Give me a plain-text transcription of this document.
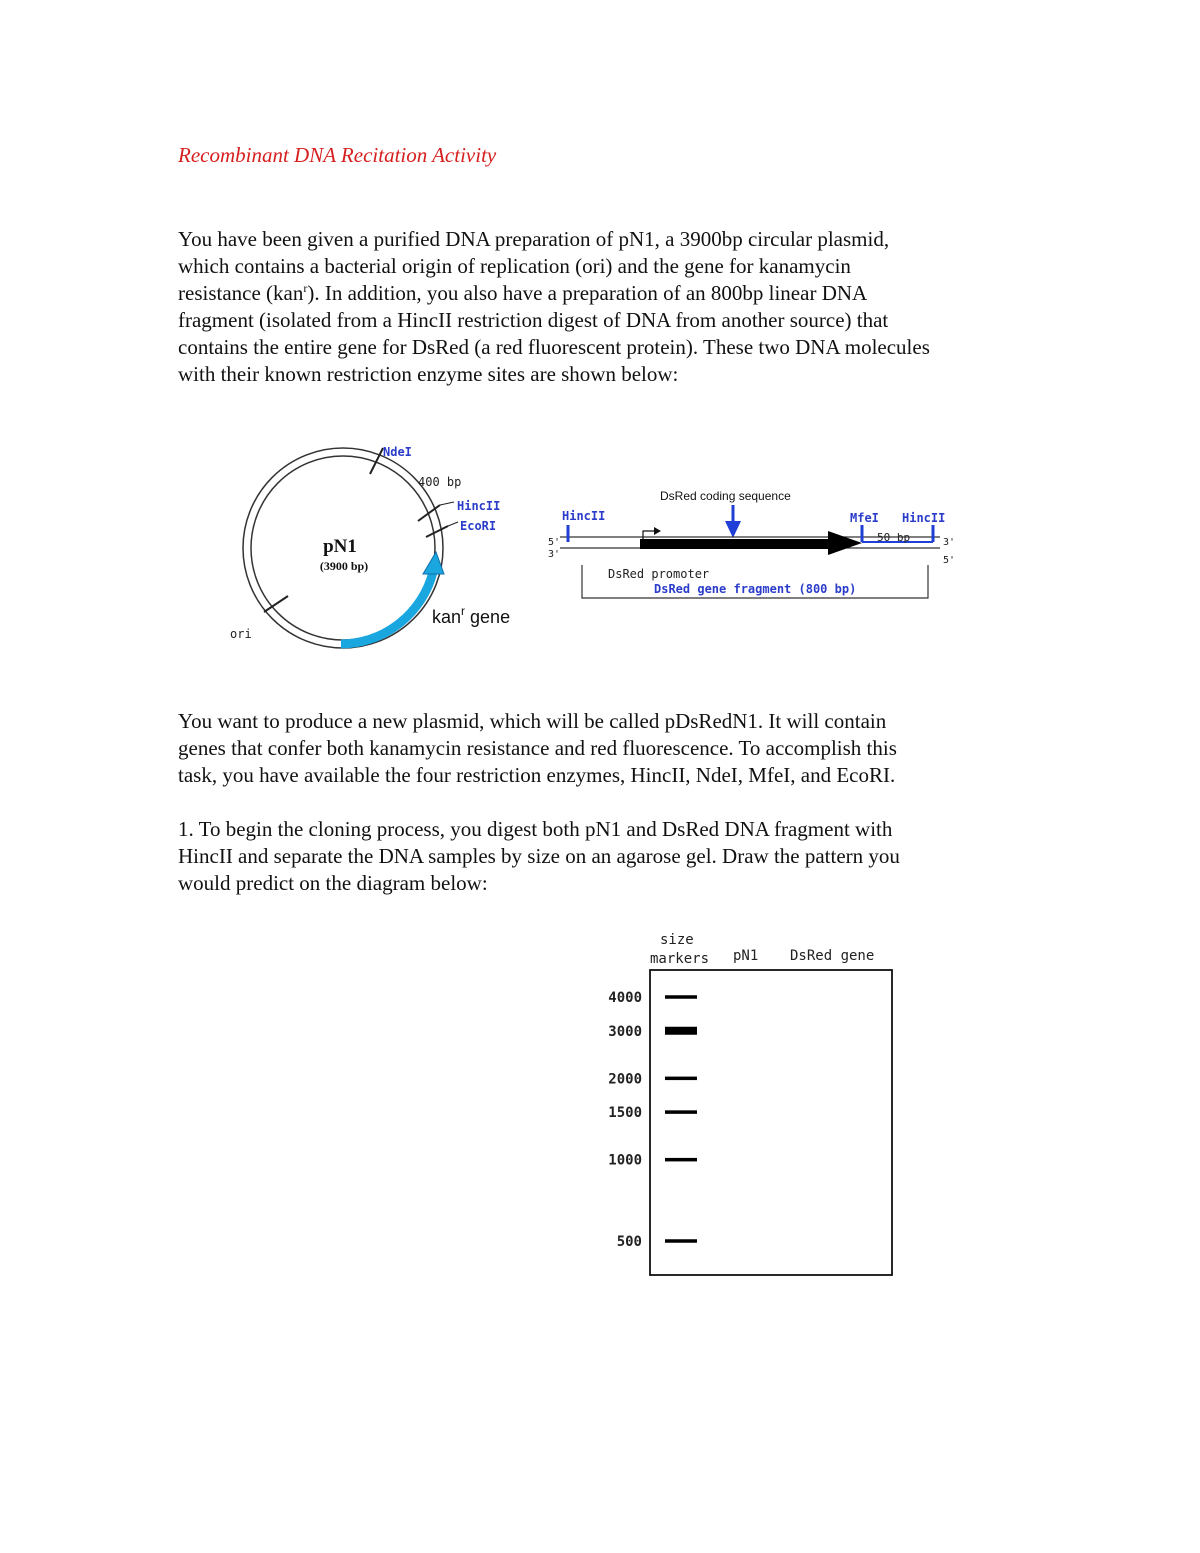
Recombinant DNA Recitation Activity
You have been given a purified DNA preparation of pN1, a 3900bp circular plasmid,
which contains a bacterial origin of replication (ori) and the gene for kanamycin
resistance (kan$^r$). In addition, you also have a preparation of an 800bp linear DNA
fragment (isolated from a HincII restriction digest of DNA from another source) that
contains the entire gene for DsRed (a red fluorescent protein). These two DNA molecules
with their known restriction enzyme sites are shown below:
pN1
(3900 bp)
NdeI
400 bp
HincII
EcoRI
ori
kan$^r$ gene
DsRed coding sequence
HincII	MfeI HincII
5'
3'
3'
5'
50 bp
DsRed promoter
DsRed gene fragment (800 bp)
You want to produce a new plasmid, which will be called pDsRedN1. It will contain
genes that confer both kanamycin resistance and red fluorescence. To accomplish this
task, you have available the four restriction enzymes, HincII, NdeI, MfeI, and EcoRI.
1. To begin the cloning process, you digest both pN1 and DsRed DNA fragment with
HincII and separate the DNA samples by size on an agarose gel. Draw the pattern you
would predict on the diagram below:
size
markers pN1 DsRed gene
4000
3000
2000
1500
1000
500
